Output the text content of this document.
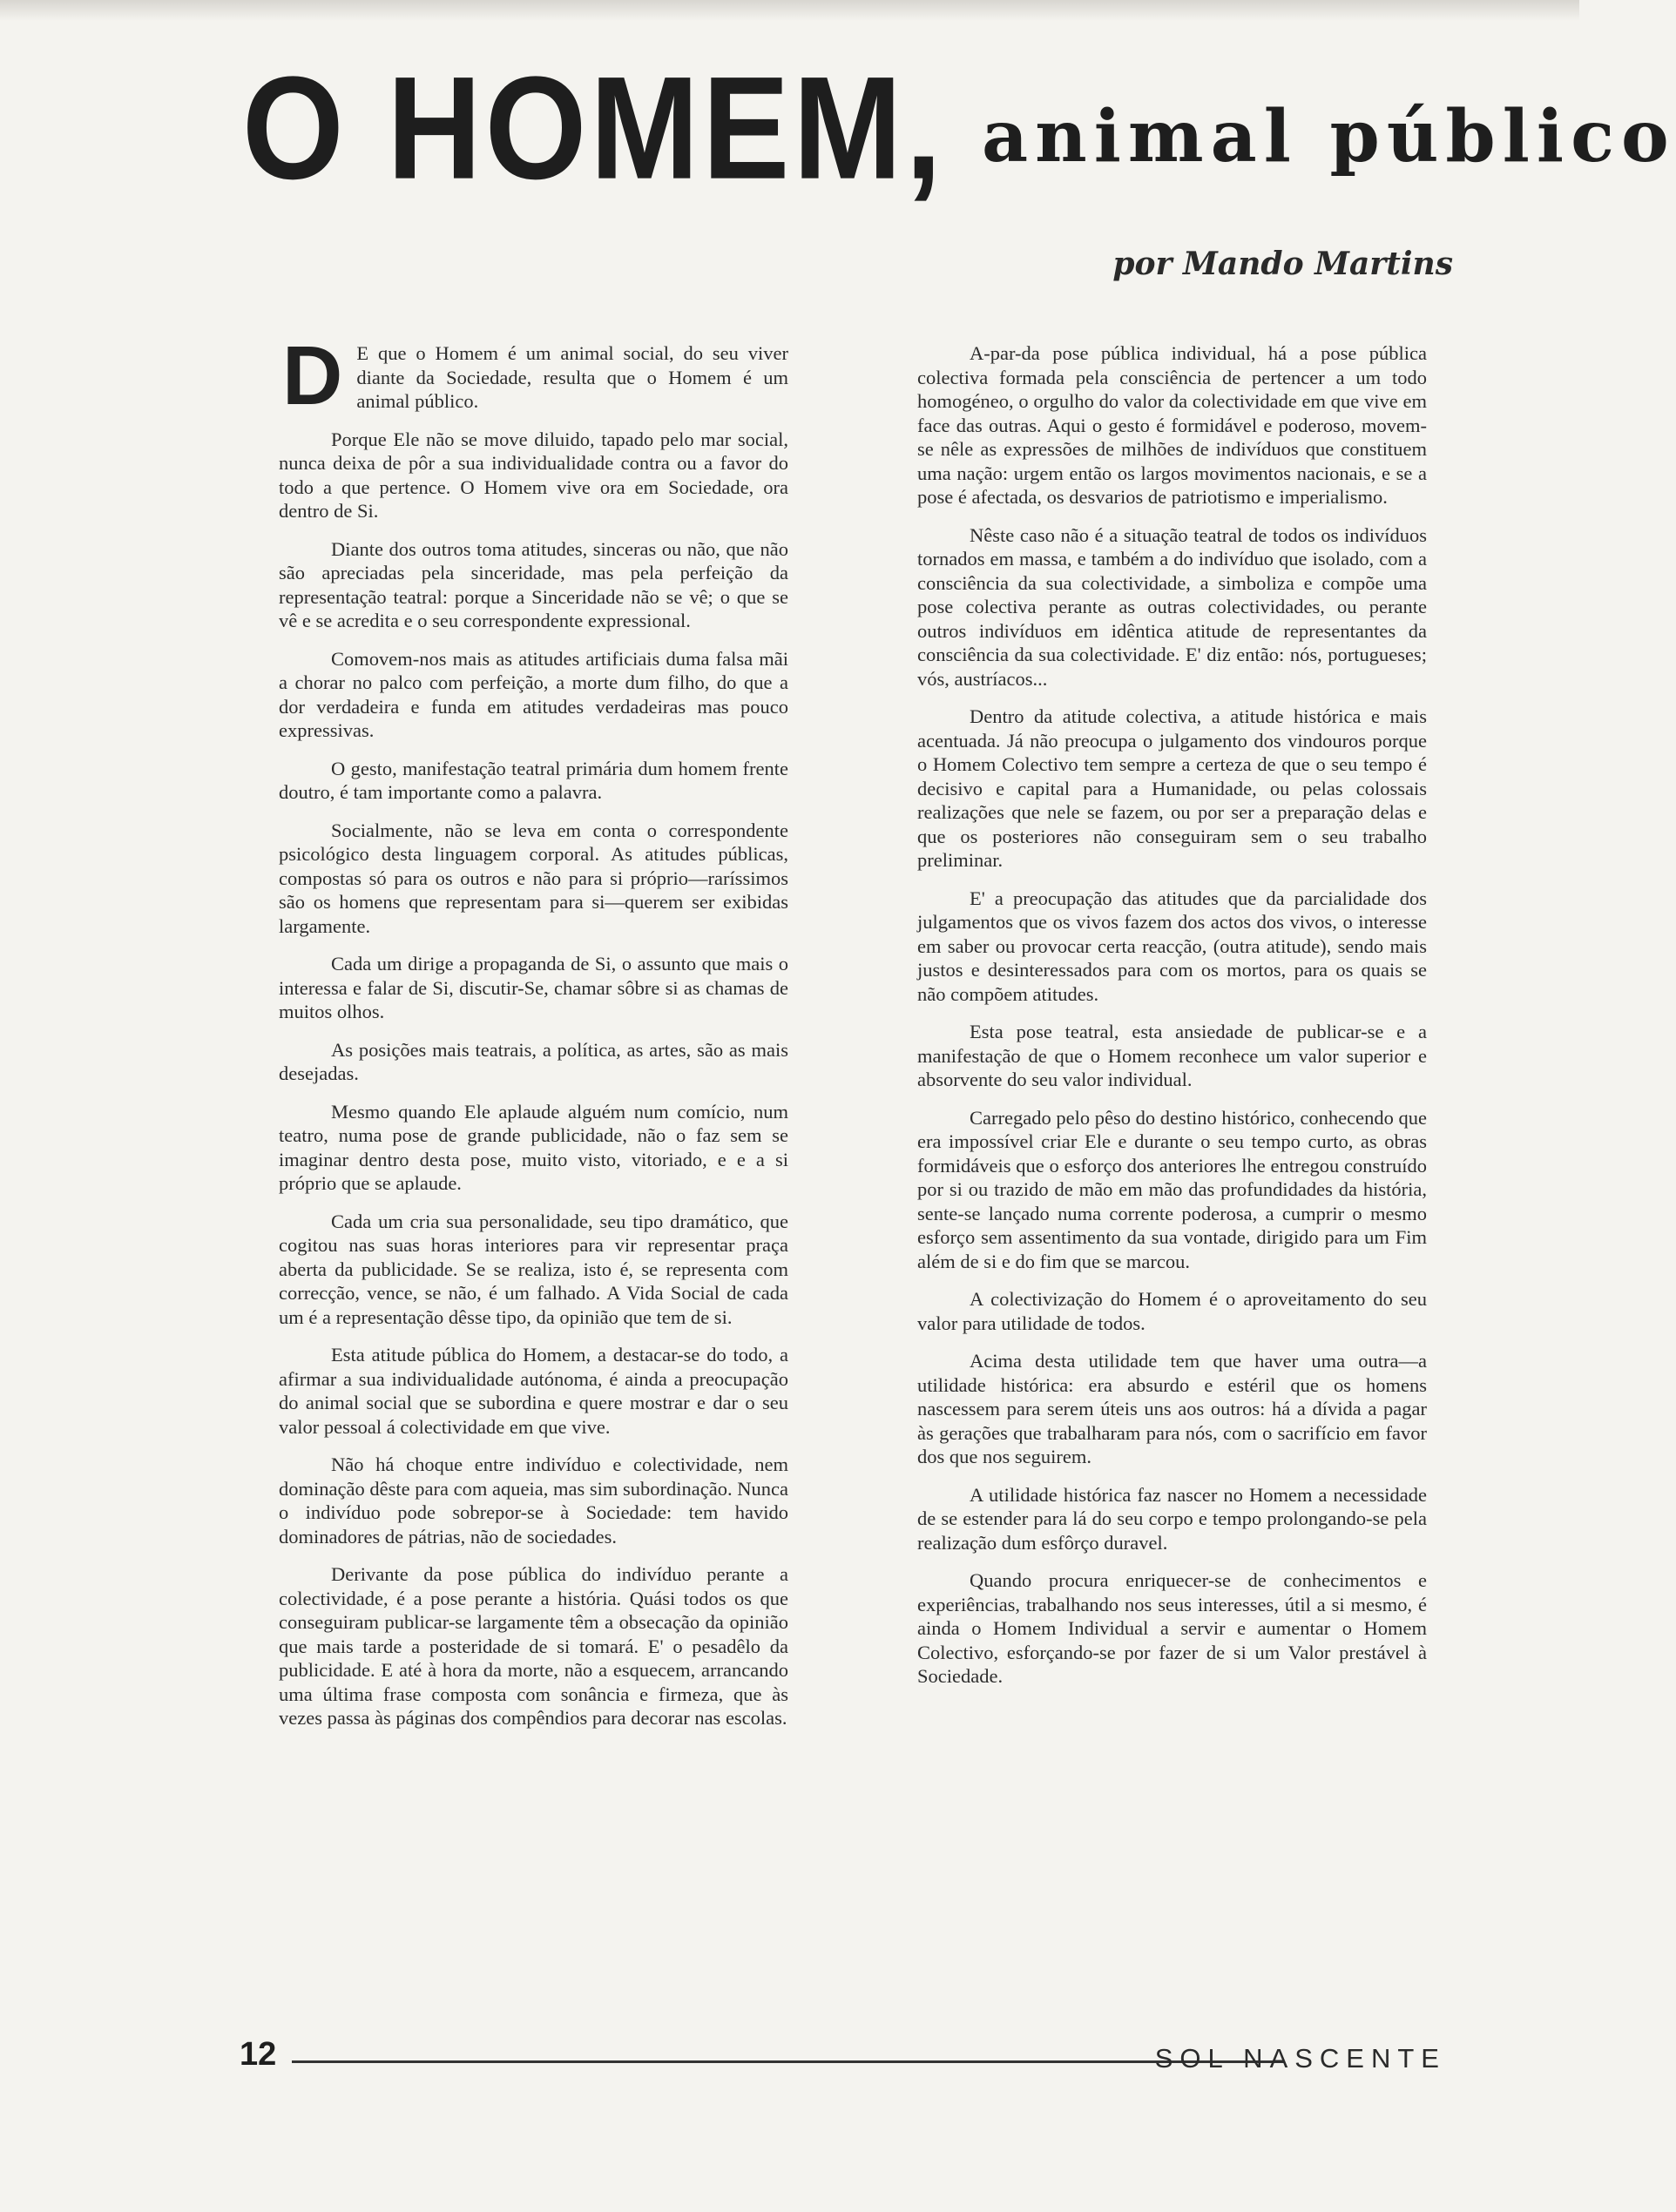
O HOMEM, animal público
por Mando Martins

D E que o Homem é um animal social, do seu viver diante da Sociedade, resulta que o Homem é um animal público.

Porque Ele não se move diluido, tapado pelo mar social, nunca deixa de pôr a sua individualidade contra ou a favor do todo a que pertence. O Homem vive ora em Sociedade, ora dentro de Si.

Diante dos outros toma atitudes, sinceras ou não, que não são apreciadas pela sinceridade, mas pela perfeição da representação teatral: porque a Sinceridade não se vê; o que se vê e se acredita e o seu correspondente expressional.

Comovem-nos mais as atitudes artificiais duma falsa mãi a chorar no palco com perfeição, a morte dum filho, do que a dor verdadeira e funda em atitudes verdadeiras mas pouco expressivas.

O gesto, manifestação teatral primária dum homem frente doutro, é tam importante como a palavra.

Socialmente, não se leva em conta o correspondente psicológico desta linguagem corporal. As atitudes públicas, compostas só para os outros e não para si próprio—raríssimos são os homens que representam para si—querem ser exibidas largamente.

Cada um dirige a propaganda de Si, o assunto que mais o interessa e falar de Si, discutir-Se, chamar sôbre si as chamas de muitos olhos.

As posições mais teatrais, a política, as artes, são as mais desejadas.

Mesmo quando Ele aplaude alguém num comício, num teatro, numa pose de grande publicidade, não o faz sem se imaginar dentro desta pose, muito visto, vitoriado, e e a si próprio que se aplaude.

Cada um cria sua personalidade, seu tipo dramático, que cogitou nas suas horas interiores para vir representar praça aberta da publicidade. Se se realiza, isto é, se representa com correcção, vence, se não, é um falhado. A Vida Social de cada um é a representação dêsse tipo, da opinião que tem de si.

Esta atitude pública do Homem, a destacar-se do todo, a afirmar a sua individualidade autónoma, é ainda a preocupação do animal social que se subordina e quere mostrar e dar o seu valor pessoal á colectividade em que vive.

Não há choque entre indivíduo e colectividade, nem dominação dêste para com aqueia, mas sim subordinação. Nunca o indivíduo pode sobrepor-se à Sociedade: tem havido dominadores de pátrias, não de sociedades.

Derivante da pose pública do indivíduo perante a colectividade, é a pose perante a história. Quási todos os que conseguiram publicar-se largamente têm a obsecação da opinião que mais tarde a posteridade de si tomará. E' o pesadêlo da publicidade. E até à hora da morte, não a esquecem, arrancando uma última frase composta com sonância e firmeza, que às vezes passa às páginas dos compêndios para decorar nas escolas.

A-par-da pose pública individual, há a pose pública colectiva formada pela consciência de pertencer a um todo homogéneo, o orgulho do valor da colectividade em que vive em face das outras. Aqui o gesto é formidável e poderoso, movem-se nêle as expressões de milhões de indivíduos que constituem uma nação: urgem então os largos movimentos nacionais, e se a pose é afectada, os desvarios de patriotismo e imperialismo.

Nêste caso não é a situação teatral de todos os indivíduos tornados em massa, e também a do indivíduo que isolado, com a consciência da sua colectividade, a simboliza e compõe uma pose colectiva perante as outras colectividades, ou perante outros indivíduos em idêntica atitude de representantes da consciência da sua colectividade. E' diz então: nós, portugueses; vós, austríacos...

Dentro da atitude colectiva, a atitude histórica e mais acentuada. Já não preocupa o julgamento dos vindouros porque o Homem Colectivo tem sempre a certeza de que o seu tempo é decisivo e capital para a Humanidade, ou pelas colossais realizações que nele se fazem, ou por ser a preparação delas e que os posteriores não conseguiram sem o seu trabalho preliminar.

E' a preocupação das atitudes que da parcialidade dos julgamentos que os vivos fazem dos actos dos vivos, o interesse em saber ou provocar certa reacção, (outra atitude), sendo mais justos e desinteressados para com os mortos, para os quais se não compõem atitudes.

Esta pose teatral, esta ansiedade de publicar-se e a manifestação de que o Homem reconhece um valor superior e absorvente do seu valor individual.

Carregado pelo pêso do destino histórico, conhecendo que era impossível criar Ele e durante o seu tempo curto, as obras formidáveis que o esforço dos anteriores lhe entregou construído por si ou trazido de mão em mão das profundidades da história, sente-se lançado numa corrente poderosa, a cumprir o mesmo esforço sem assentimento da sua vontade, dirigido para um Fim além de si e do fim que se marcou.

A colectivização do Homem é o aproveitamento do seu valor para utilidade de todos.

Acima desta utilidade tem que haver uma outra—a utilidade histórica: era absurdo e estéril que os homens nascessem para serem úteis uns aos outros: há a dívida a pagar às gerações que trabalharam para nós, com o sacrifício em favor dos que nos seguirem.

A utilidade histórica faz nascer no Homem a necessidade de se estender para lá do seu corpo e tempo prolongando-se pela realização dum esfôrço duravel.

Quando procura enriquecer-se de conhecimentos e experiências, trabalhando nos seus interesses, útil a si mesmo, é ainda o Homem Individual a servir e aumentar o Homem Colectivo, esforçando-se por fazer de si um Valor prestável à Sociedade.

12	SOL NASCENTE
